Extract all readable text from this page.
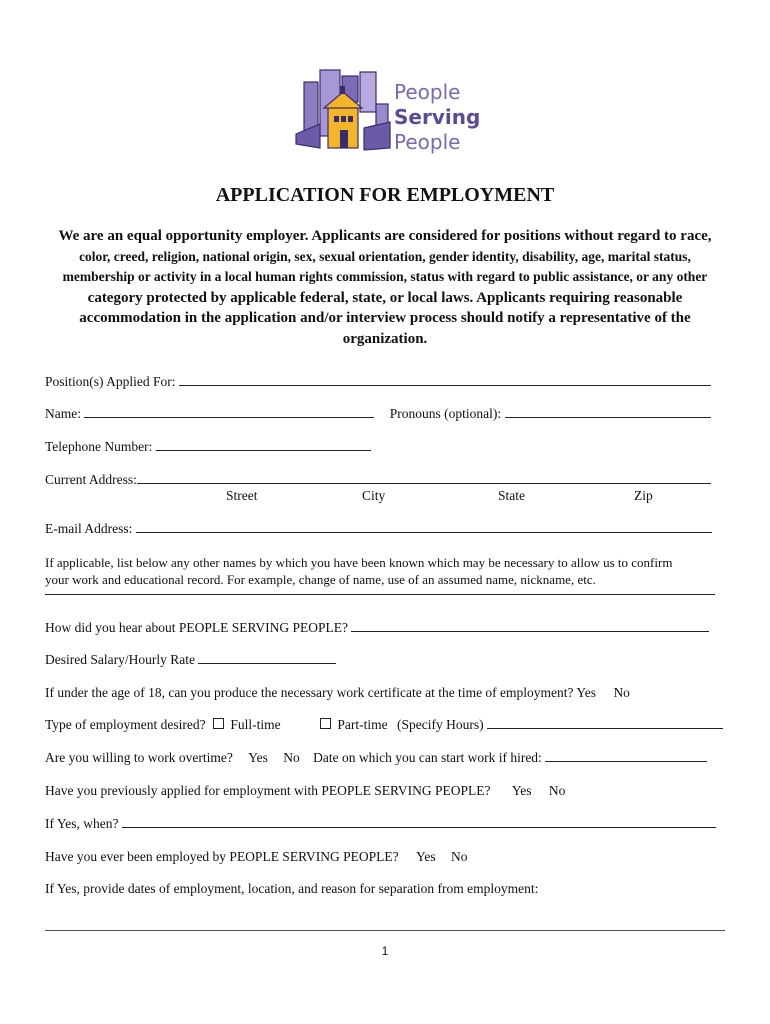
People
Serving
People
APPLICATION FOR EMPLOYMENT
We are an equal opportunity employer. Applicants are considered for positions without regard to race,
color, creed, religion, national origin, sex, sexual orientation, gender identity, disability, age, marital status,
membership or activity in a local human rights commission, status with regard to public assistance, or any other
category protected by applicable federal, state, or local laws. Applicants requiring reasonable
accommodation in the application and/or interview process should notify a representative of the
organization.
Position(s) Applied For:
Name:	Pronouns (optional):
Telephone Number:
Current Address:
Street	City	State	Zip
E-mail Address:
If applicable, list below any other names by which you have been known which may be necessary to allow us to confirm
your work and educational record. For example, change of name, use of an assumed name, nickname, etc.
How did you hear about PEOPLE SERVING PEOPLE?
Desired Salary/Hourly Rate
If under the age of 18, can you produce the necessary work certificate at the time of employment? Yes No
Type of employment desired? Full-time	Part-time (Specify Hours)
Are you willing to work overtime? Yes No Date on which you can start work if hired:
Have you previously applied for employment with PEOPLE SERVING PEOPLE? Yes No
If Yes, when?
Have you ever been employed by PEOPLE SERVING PEOPLE? Yes No
If Yes, provide dates of employment, location, and reason for separation from employment:
1
